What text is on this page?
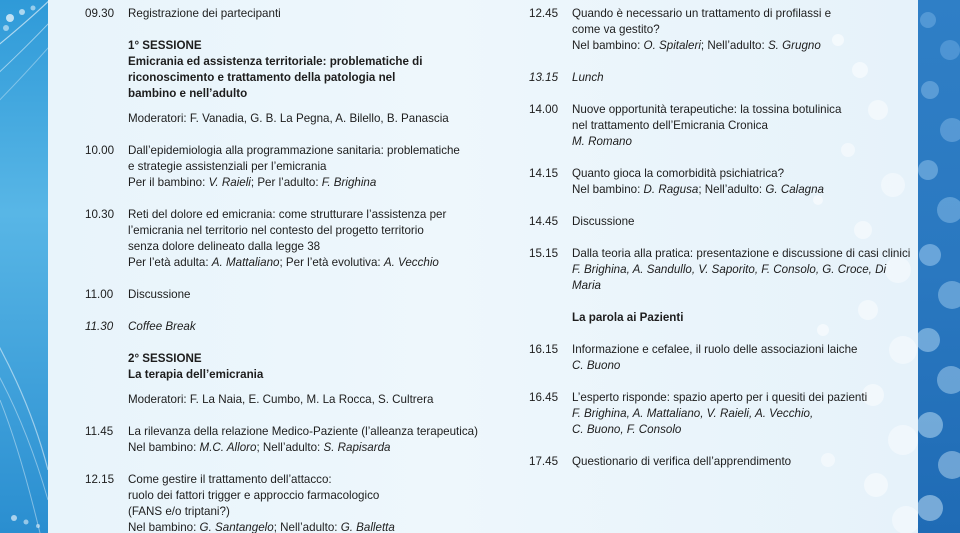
09.30	Registrazione dei partecipanti
1° SESSIONE
Emicrania ed assistenza territoriale: problematiche di
riconoscimento e trattamento della patologia nel
bambino e nell’adulto
Moderatori: F. Vanadia, G. B. La Pegna, A. Bilello, B. Panascia
10.00	Dall’epidemiologia alla programmazione sanitaria: problematiche
e strategie assistenziali per l’emicrania
Per il bambino: V. Raieli; Per l’adulto: F. Brighina
10.30	Reti del dolore ed emicrania: come strutturare l’assistenza per
l’emicrania nel territorio nel contesto del progetto territorio
senza dolore delineato dalla legge 38
Per l’età adulta: A. Mattaliano; Per l’età evolutiva: A. Vecchio
11.00	Discussione
11.30	Coffee Break
2° SESSIONE
La terapia dell’emicrania
Moderatori: F. La Naia, E. Cumbo, M. La Rocca, S. Cultrera
11.45	La rilevanza della relazione Medico-Paziente (l’alleanza terapeutica)
Nel bambino: M.C. Alloro; Nell’adulto: S. Rapisarda
12.15	Come gestire il trattamento dell’attacco:
ruolo dei fattori trigger e approccio farmacologico
(FANS e/o triptani?)
Nel bambino: G. Santangelo; Nell’adulto: G. Balletta
12.45	Quando è necessario un trattamento di profilassi e
come va gestito?
Nel bambino: O. Spitaleri; Nell’adulto: S. Grugno
13.15	Lunch
14.00	Nuove opportunità terapeutiche: la tossina botulinica
nel trattamento dell’Emicrania Cronica
M. Romano
14.15	Quanto gioca la comorbidità psichiatrica?
Nel bambino: D. Ragusa; Nell’adulto: G. Calagna
14.45	Discussione
15.15	Dalla teoria alla pratica: presentazione e discussione di casi clinici
F. Brighina, A. Sandullo, V. Saporito, F. Consolo, G. Croce, Di Maria
La parola ai Pazienti
16.15	Informazione e cefalee, il ruolo delle associazioni laiche
C. Buono
16.45	L’esperto risponde: spazio aperto per i quesiti dei pazienti
F. Brighina, A. Mattaliano, V. Raieli, A. Vecchio,
C. Buono, F. Consolo
17.45	Questionario di verifica dell’apprendimento
